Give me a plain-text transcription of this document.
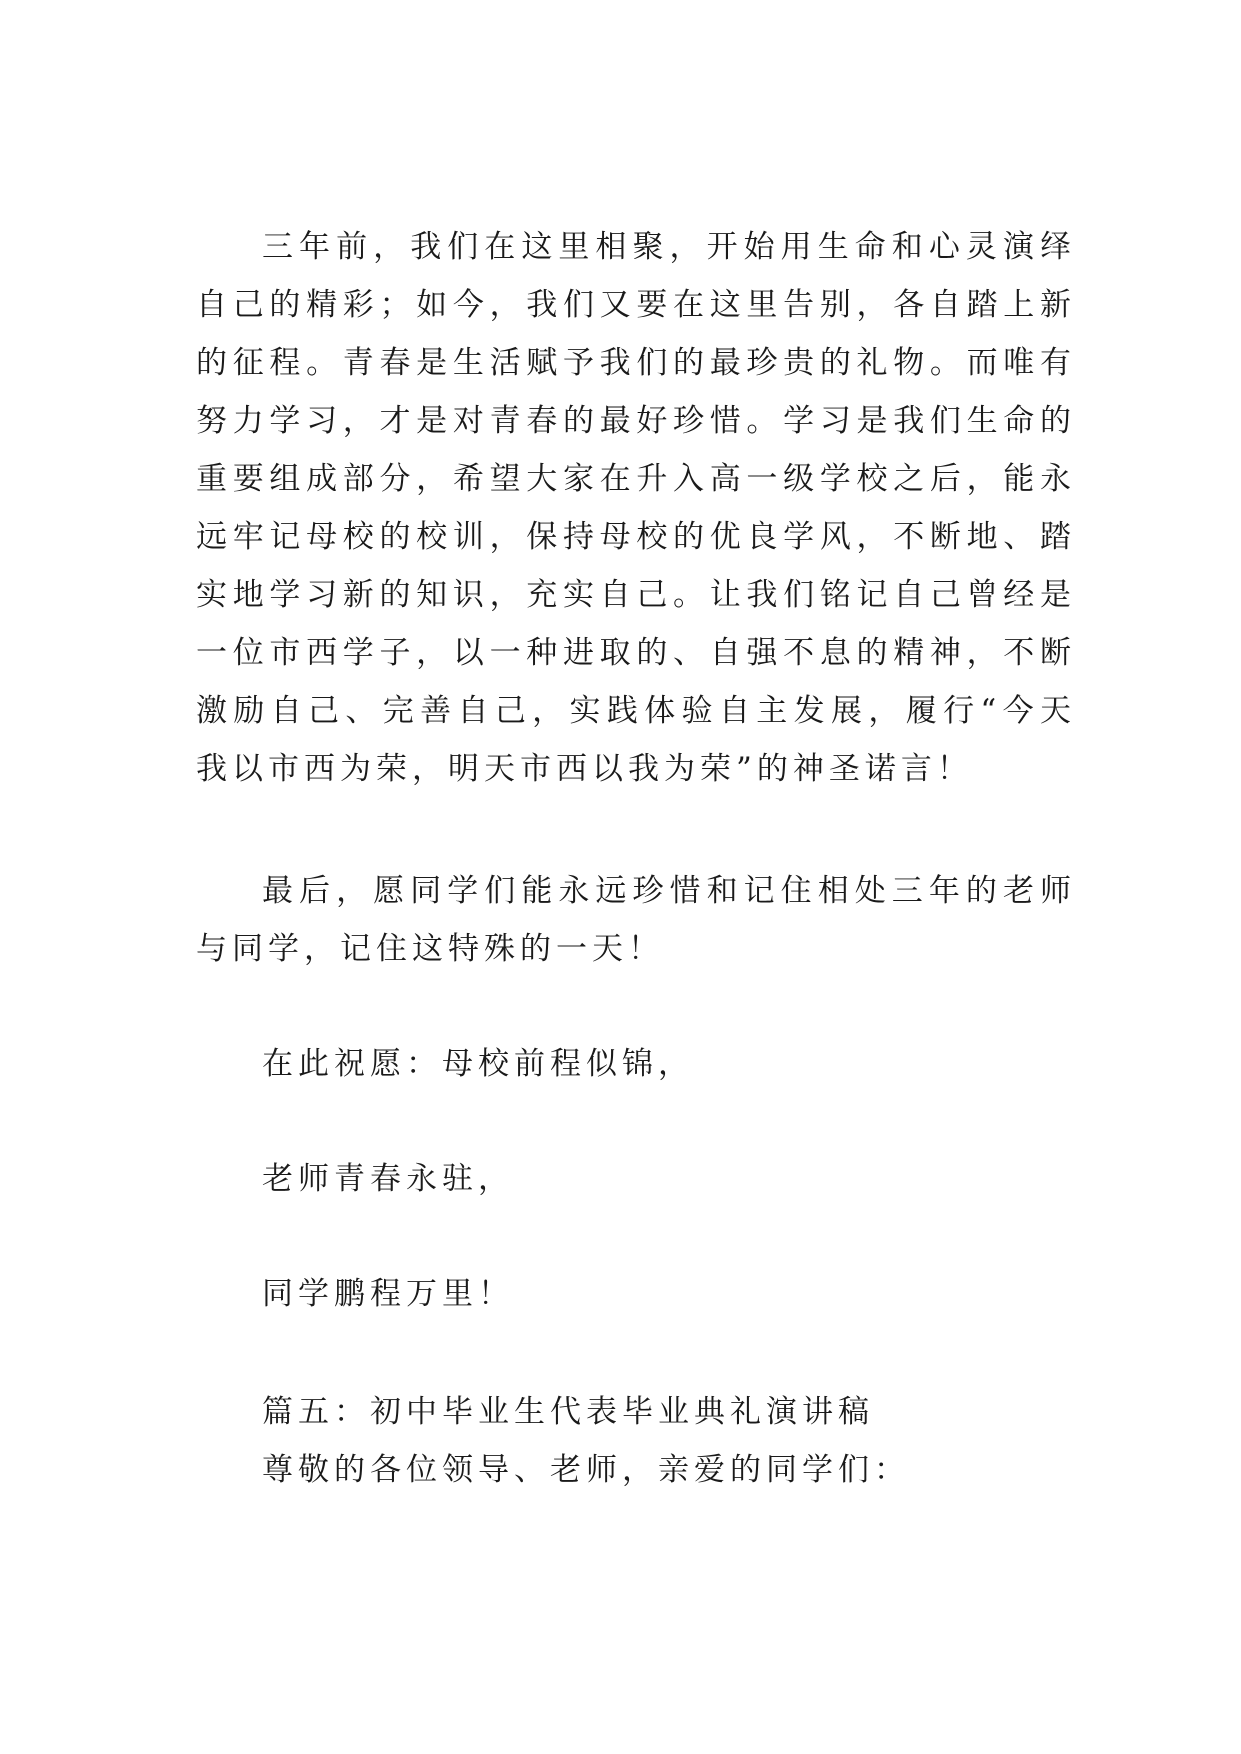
三年前，我们在这里相聚，开始用生命和心灵演绎自己的精彩；如今，我们又要在这里告别，各自踏上新的征程。青春是生活赋予我们的最珍贵的礼物。而唯有努力学习，才是对青春的最好珍惜。学习是我们生命的重要组成部分，希望大家在升入高一级学校之后，能永远牢记母校的校训，保持母校的优良学风，不断地、踏实地学习新的知识，充实自己。让我们铭记自己曾经是一位市西学子，以一种进取的、自强不息的精神，不断激励自己、完善自己，实践体验自主发展，履行“今天我以市西为荣，明天市西以我为荣”的神圣诺言！

最后，愿同学们能永远珍惜和记住相处三年的老师与同学，记住这特殊的一天！

在此祝愿：母校前程似锦，

老师青春永驻，

同学鹏程万里！

篇五：初中毕业生代表毕业典礼演讲稿
尊敬的各位领导、老师，亲爱的同学们：
